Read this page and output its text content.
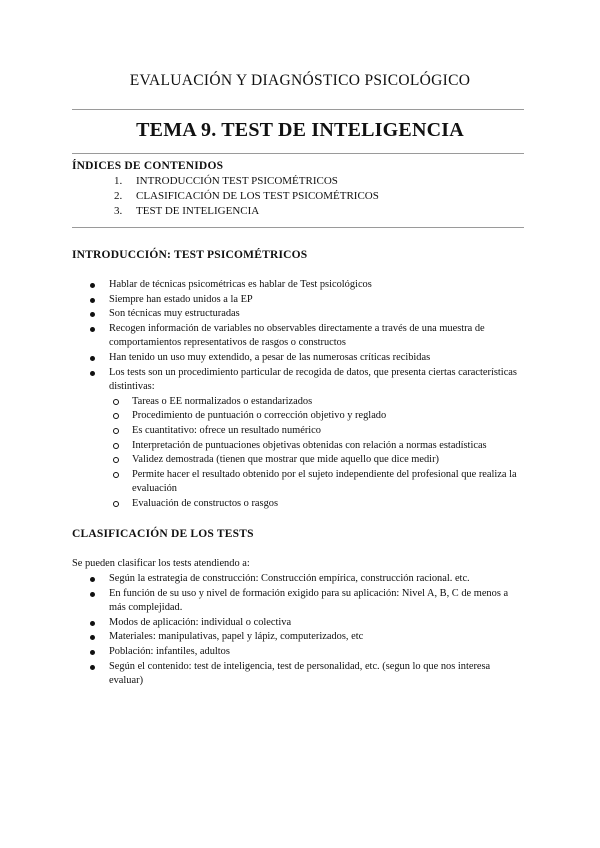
EVALUACIÓN Y DIAGNÓSTICO PSICOLÓGICO
TEMA 9. TEST DE INTELIGENCIA
ÍNDICES DE CONTENIDOS
1. INTRODUCCIÓN TEST PSICOMÉTRICOS
2. CLASIFICACIÓN DE LOS TEST PSICOMÉTRICOS
3. TEST DE INTELIGENCIA
INTRODUCCIÓN: TEST PSICOMÉTRICOS
Hablar de técnicas psicométricas es hablar de Test psicológicos
Siempre han estado unidos a la EP
Son técnicas muy estructuradas
Recogen información de variables no observables directamente a través de una muestra de comportamientos representativos de rasgos o constructos
Han tenido un uso muy extendido, a pesar de las numerosas críticas recibidas
Los tests son un procedimiento particular de recogida de datos, que presenta ciertas características distintivas:
Tareas o EE normalizados o estandarizados
Procedimiento de puntuación o corrección objetivo y reglado
Es cuantitativo: ofrece un resultado numérico
Interpretación de puntuaciones objetivas obtenidas con relación a normas estadísticas
Validez demostrada (tienen que mostrar que mide aquello que dice medir)
Permite hacer el resultado obtenido por el sujeto independiente del profesional que realiza la evaluación
Evaluación de constructos o rasgos
CLASIFICACIÓN DE LOS TESTS
Se pueden clasificar los tests atendiendo a:
Según la estrategia de construcción: Construcción empírica, construcción racional. etc.
En función de su uso y nivel de formación exigido para su aplicación: Nivel A, B, C de menos a más complejidad.
Modos de aplicación: individual o colectiva
Materiales: manipulativas, papel y lápiz, computerizados, etc
Población: infantiles, adultos
Según el contenido: test de inteligencia, test de personalidad, etc. (segun lo que nos interesa evaluar)
